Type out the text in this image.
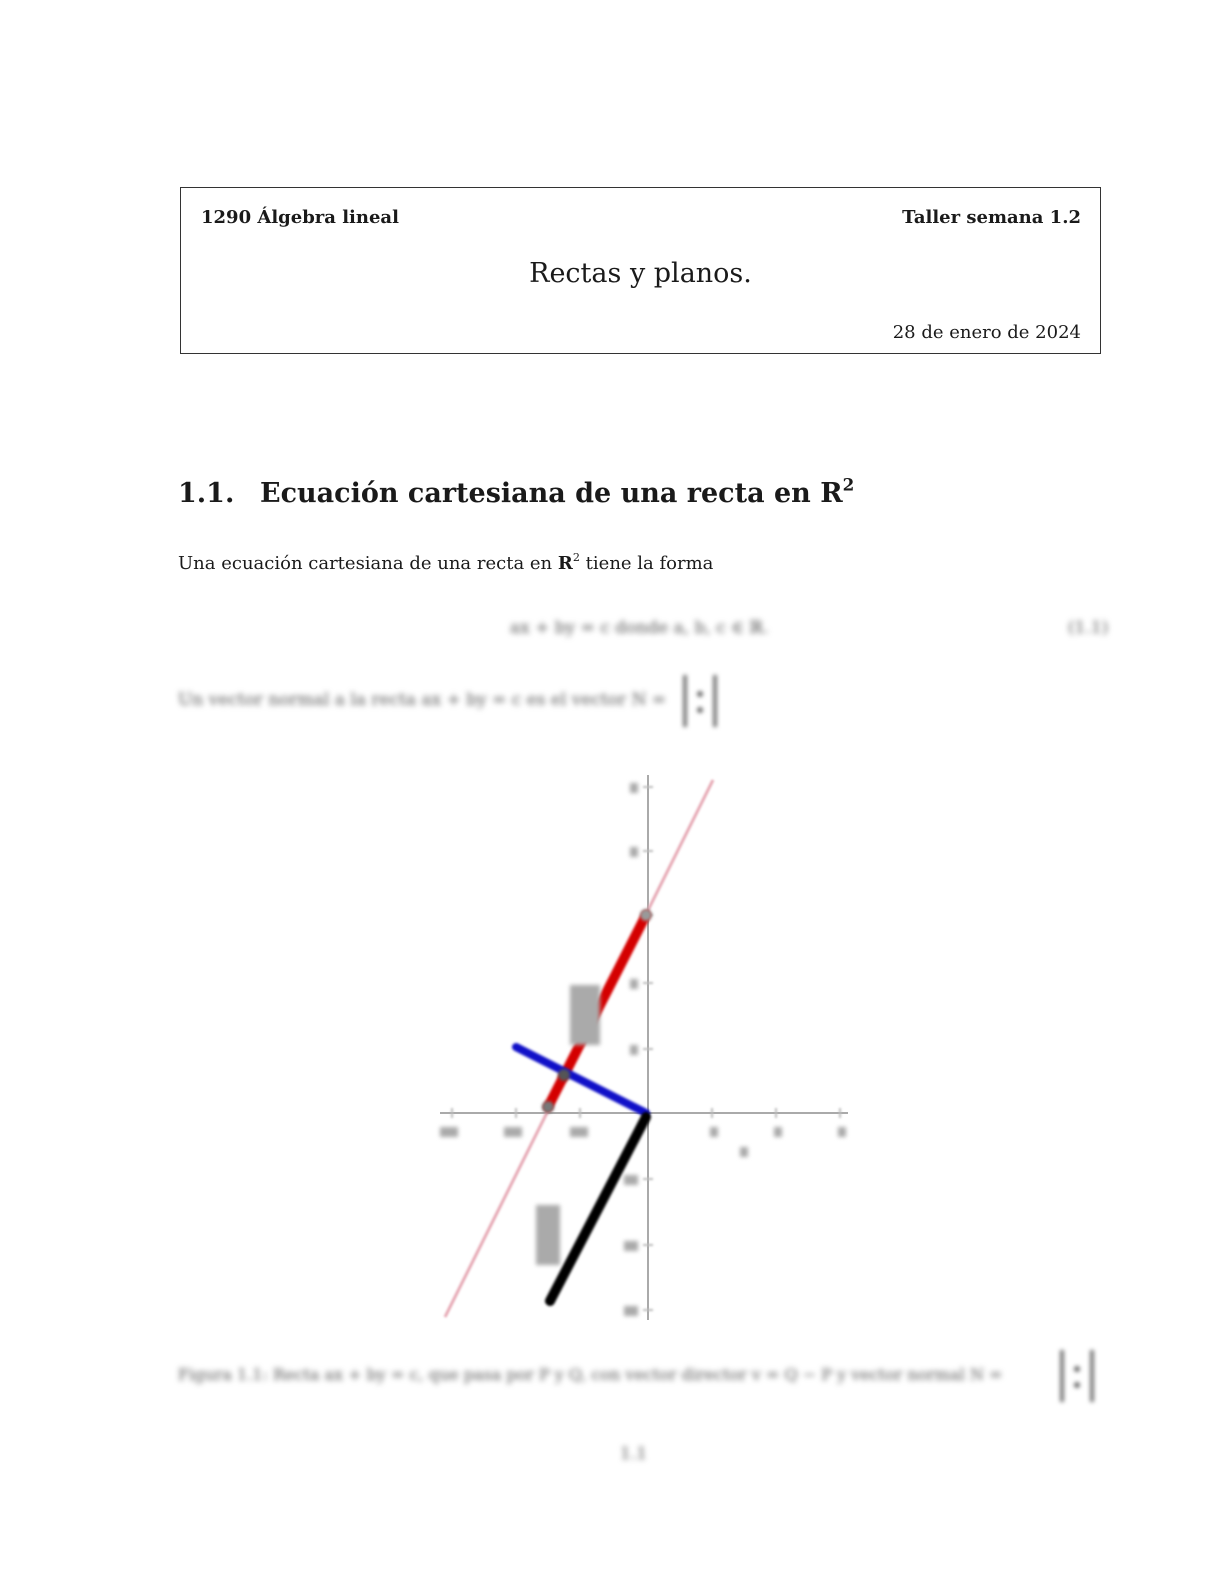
1290 Álgebra lineal	Taller semana 1.2
Rectas y planos.
28 de enero de 2024
1.1. Ecuación cartesiana de una recta en $R^2$
Una ecuación cartesiana de una recta en $R^2$ tiene la forma
ax + by = c donde a, b, c ∈ ℝ.	(1.1)
Un vector normal a la recta ax + by = c es el vector N =
Figura 1.1: Recta ax + by = c, que pasa por P y Q, con vector director v = Q − P y vector normal N =
1.1
